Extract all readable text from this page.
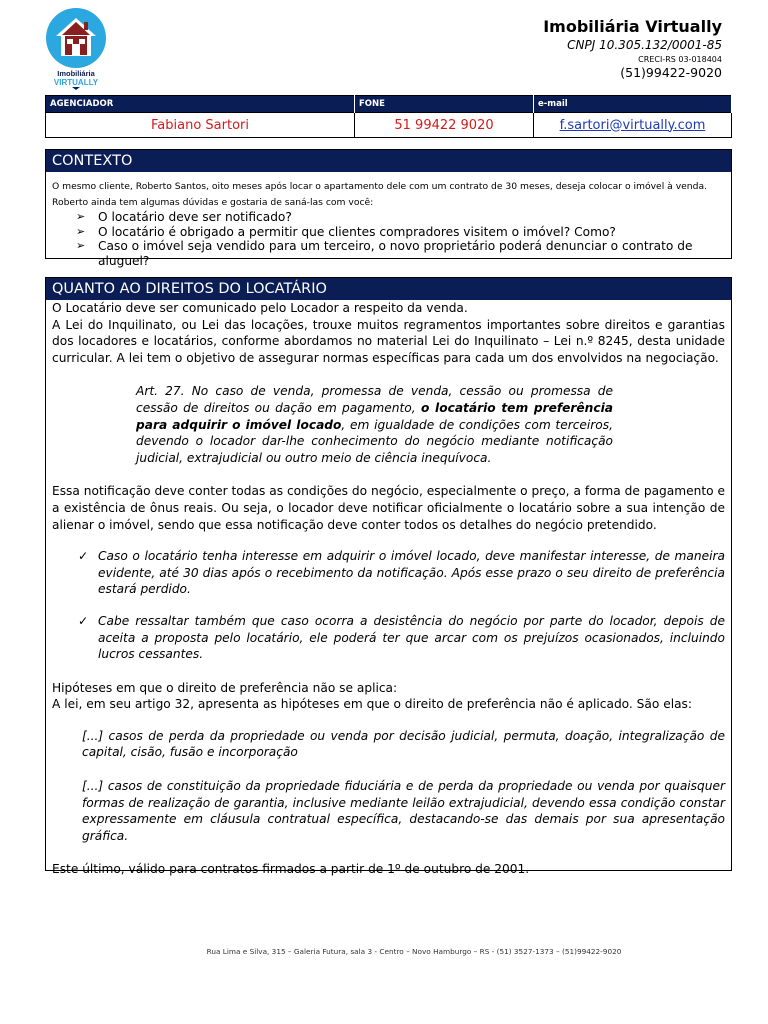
Imobiliária
VIRTUALLY
Imobiliária Virtually
CNPJ 10.305.132/0001-85
CRECI-RS 03-018404
(51)99422-9020
AGENCIADOR	FONE	e-mail
Fabiano Sartori	51 99422 9020	f.sartori@virtually.com
CONTEXTO
O mesmo cliente, Roberto Santos, oito meses após locar o apartamento dele com um contrato de 30 meses, deseja colocar o imóvel à venda.
Roberto ainda tem algumas dúvidas e gostaria de saná-las com você:
➢ O locatário deve ser notificado?
➢ O locatário é obrigado a permitir que clientes compradores visitem o imóvel? Como?
➢ Caso o imóvel seja vendido para um terceiro, o novo proprietário poderá denunciar o contrato de aluguel?
QUANTO AO DIREITOS DO LOCATÁRIO

O Locatário deve ser comunicado pelo Locador a respeito da venda.

A Lei do Inquilinato, ou Lei das locações, trouxe muitos regramentos importantes sobre direitos e garantias dos locadores e locatários, conforme abordamos no material Lei do Inquilinato – Lei n.º 8245, desta unidade curricular. A lei tem o objetivo de assegurar normas específicas para cada um dos envolvidos na negociação.

Art. 27. No caso de venda, promessa de venda, cessão ou promessa de cessão de direitos ou dação em pagamento, o locatário tem preferência para adquirir o imóvel locado, em igualdade de condições com terceiros, devendo o locador dar-lhe conhecimento do negócio mediante notificação judicial, extrajudicial ou outro meio de ciência inequívoca.

Essa notificação deve conter todas as condições do negócio, especialmente o preço, a forma de pagamento e a existência de ônus reais. Ou seja, o locador deve notificar oficialmente o locatário sobre a sua intenção de alienar o imóvel, sendo que essa notificação deve conter todos os detalhes do negócio pretendido.

✓ Caso o locatário tenha interesse em adquirir o imóvel locado, deve manifestar interesse, de maneira evidente, até 30 dias após o recebimento da notificação. Após esse prazo o seu direito de preferência estará perdido.

✓ Cabe ressaltar também que caso ocorra a desistência do negócio por parte do locador, depois de aceita a proposta pelo locatário, ele poderá ter que arcar com os prejuízos ocasionados, incluindo lucros cessantes.

Hipóteses em que o direito de preferência não se aplica:

A lei, em seu artigo 32, apresenta as hipóteses em que o direito de preferência não é aplicado. São elas:

[...] casos de perda da propriedade ou venda por decisão judicial, permuta, doação, integralização de capital, cisão, fusão e incorporação

[...] casos de constituição da propriedade fiduciária e de perda da propriedade ou venda por quaisquer formas de realização de garantia, inclusive mediante leilão extrajudicial, devendo essa condição constar expressamente em cláusula contratual específica, destacando-se das demais por sua apresentação gráfica.

Este último, válido para contratos firmados a partir de 1º de outubro de 2001.

Rua Lima e Silva, 315 – Galeria Futura, sala 3 - Centro – Novo Hamburgo – RS - (51) 3527-1373 – (51)99422-9020
